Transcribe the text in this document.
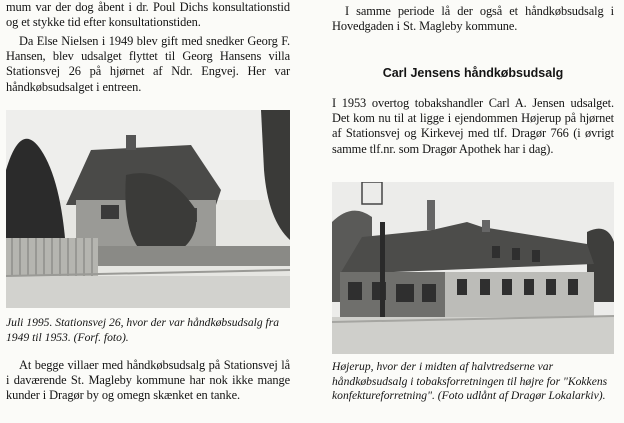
mum var der dog åbent i dr. Poul Dichs konsultationstid og et stykke tid efter konsultationstiden.

Da Else Nielsen i 1949 blev gift med snedker Georg F. Hansen, blev udsalget flyttet til Georg Hansens villa Stationsvej 26 på hjørnet af Ndr. Engvej. Her var håndkøbsudsalget i entreen.

Juli 1995. Stationsvej 26, hvor der var håndkøbsudsalg fra 1949 til 1953. (Forf. foto).

At begge villaer med håndkøbsudsalg på Stationsvej lå i daværende St. Magleby kommune har nok ikke mange kunder i Dragør by og omegn skænket en tanke.

I samme periode lå der også et håndkøbsudsalg i Hovedgaden i St. Magleby kommune.

Carl Jensens håndkøbsudsalg

I 1953 overtog tobakshandler Carl A. Jensen udsalget. Det kom nu til at ligge i ejendommen Højerup på hjørnet af Stationsvej og Kirkevej med tlf. Dragør 766 (i øvrigt samme tlf.nr. som Dragør Apothek har i dag).

Højerup, hvor der i midten af halvtredserne var håndkøbsudsalg i tobaksforretningen til højre for "Kokkens konfektureforretning". (Foto udlånt af Dragør Lokalarkiv).
